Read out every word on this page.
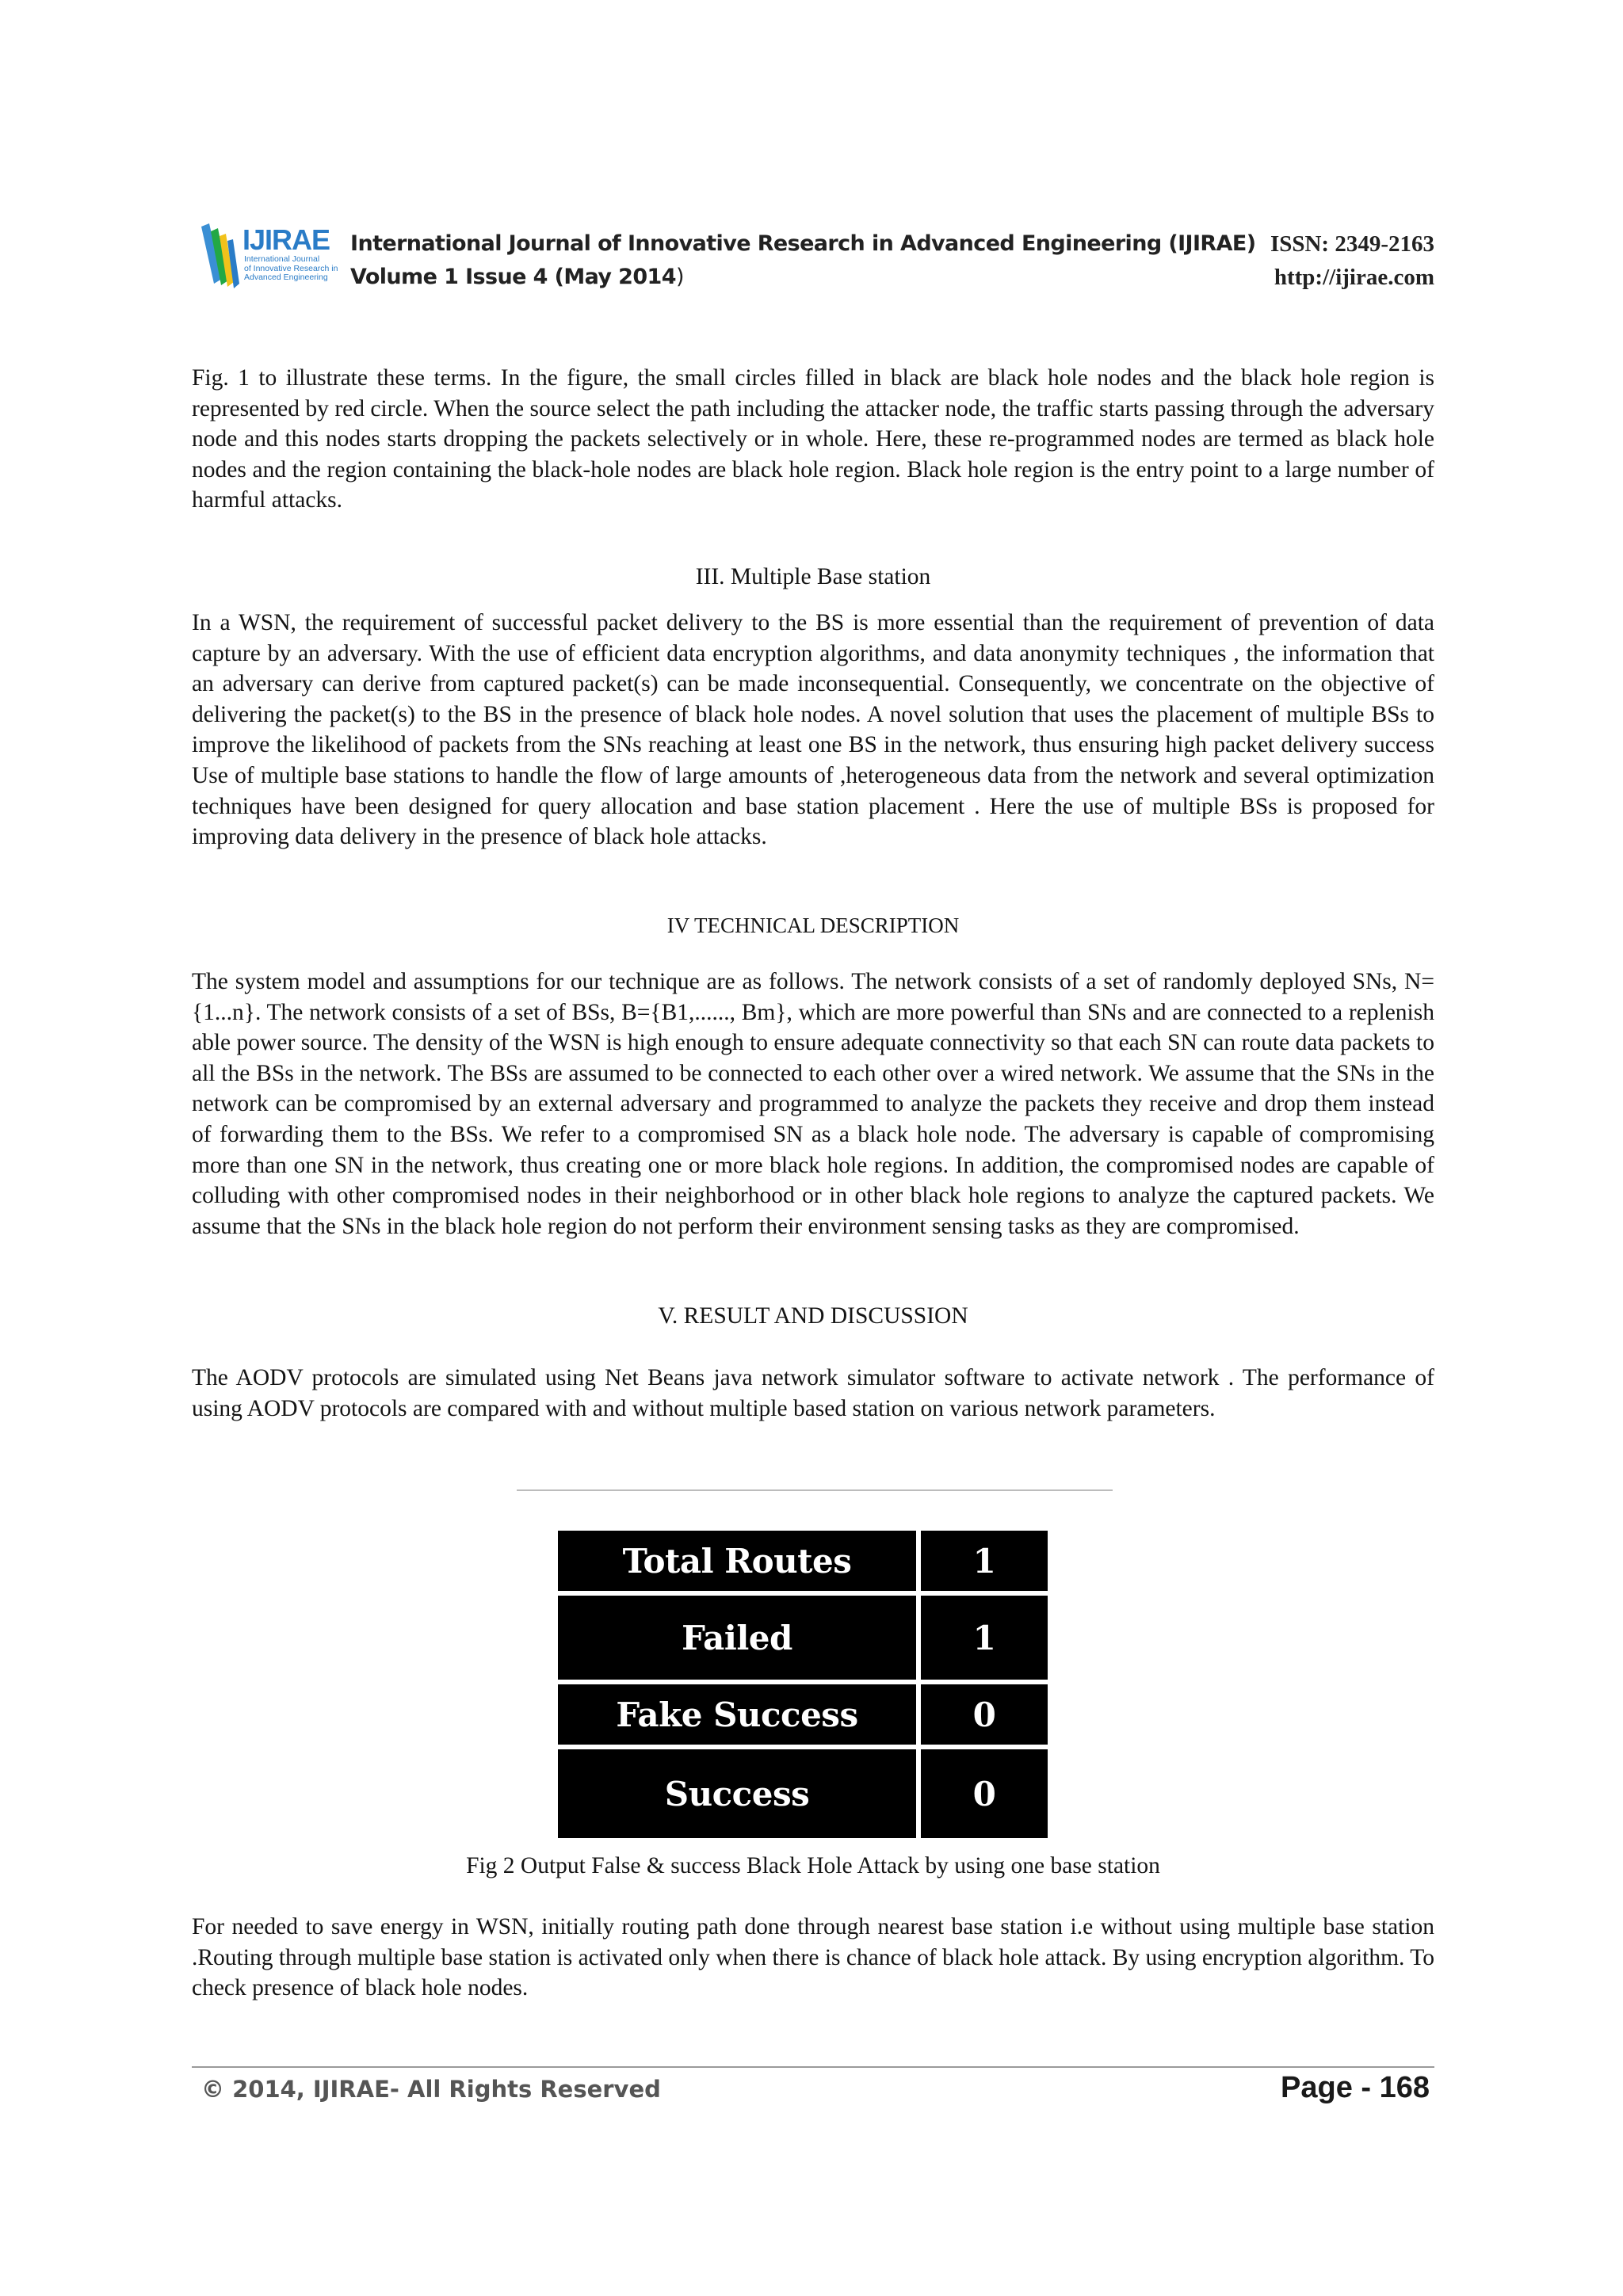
IJIRAE
International Journal
of Innovative Research in
Advanced Engineering
International Journal of Innovative Research in Advanced Engineering (IJIRAE)
Volume 1 Issue 4 (May 2014)
ISSN: 2349-2163
http://ijirae.com
Fig. 1 to illustrate these terms. In the figure, the small circles filled in black are black hole nodes and the black hole region is represented by red circle. When the source select the path including the attacker node, the traffic starts passing through the adversary node and this nodes starts dropping the packets selectively or in whole. Here, these re-programmed nodes are termed as black hole nodes and the region containing the black-hole nodes are black hole region. Black hole region is the entry point to a large number of harmful attacks.
III. Multiple Base station
In a WSN, the requirement of successful packet delivery to the BS is more essential than the requirement of prevention of data capture by an adversary. With the use of efficient data encryption algorithms, and data anonymity techniques , the information that an adversary can derive from captured packet(s) can be made inconsequential. Consequently, we concentrate on the objective of delivering the packet(s) to the BS in the presence of black hole nodes. A novel solution that uses the placement of multiple BSs to improve the likelihood of packets from the SNs reaching at least one BS in the network, thus ensuring high packet delivery success Use of multiple base stations to handle the flow of large amounts of ,heterogeneous data from the network and several optimization techniques have been designed for query allocation and base station placement . Here the use of multiple BSs is proposed for improving data delivery in the presence of black hole attacks.
IV TECHNICAL DESCRIPTION
The system model and assumptions for our technique are as follows. The network consists of a set of randomly deployed SNs, N={1...n}. The network consists of a set of BSs, B={B1,......, Bm}, which are more powerful than SNs and are connected to a replenish able power source. The density of the WSN is high enough to ensure adequate connectivity so that each SN can route data packets to all the BSs in the network. The BSs are assumed to be connected to each other over a wired network. We assume that the SNs in the network can be compromised by an external adversary and programmed to analyze the packets they receive and drop them instead of forwarding them to the BSs. We refer to a compromised SN as a black hole node. The adversary is capable of compromising more than one SN in the network, thus creating one or more black hole regions. In addition, the compromised nodes are capable of colluding with other compromised nodes in their neighborhood or in other black hole regions to analyze the captured packets. We assume that the SNs in the black hole region do not perform their environment sensing tasks as they are compromised.
V. RESULT AND DISCUSSION
The AODV protocols are simulated using Net Beans java network simulator software to activate network . The performance of using AODV protocols are compared with and without multiple based station on various network parameters.
Total Routes	1
Failed	1
Fake Success	0
Success	0
Fig 2 Output False & success Black Hole Attack by using one base station
For needed to save energy in WSN, initially routing path done through nearest base station i.e without using multiple base station .Routing through multiple base station is activated only when there is chance of black hole attack. By using encryption algorithm. To check presence of black hole nodes.
© 2014, IJIRAE- All Rights Reserved	Page - 168
